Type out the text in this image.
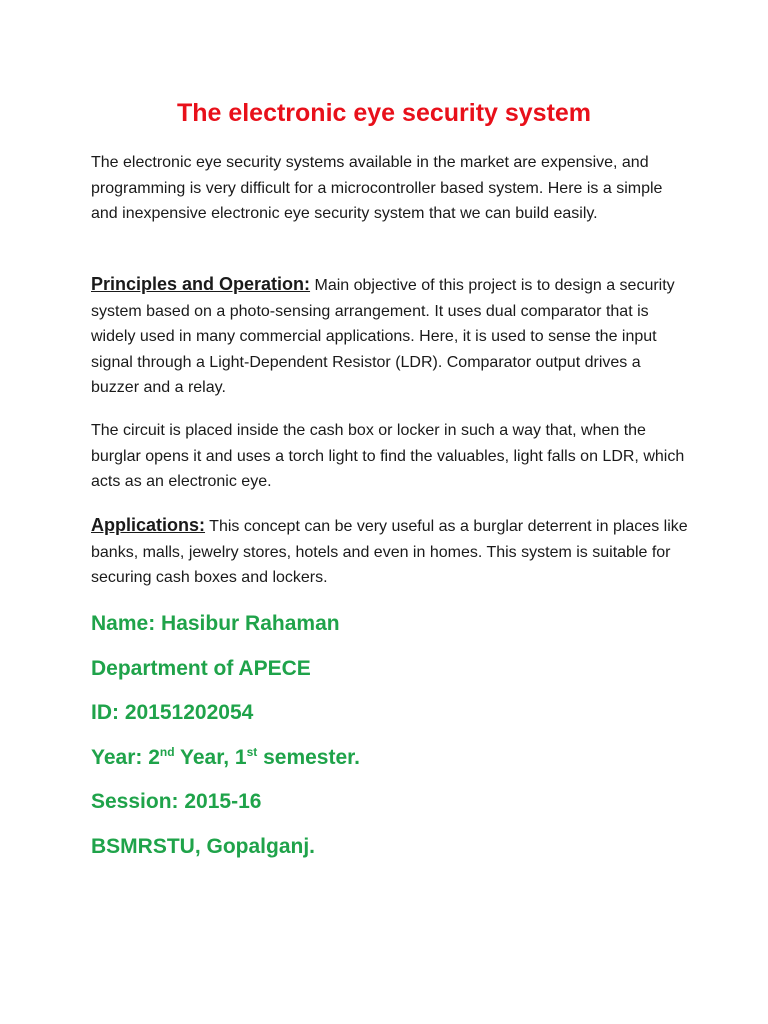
The electronic eye security system

The electronic eye security systems available in the market are expensive, and programming is very difficult for a microcontroller based system. Here is a simple and inexpensive electronic eye security system that we can build easily.

Principles and Operation: Main objective of this project is to design a security system based on a photo-sensing arrangement. It uses dual comparator that is widely used in many commercial applications. Here, it is used to sense the input signal through a Light-Dependent Resistor (LDR). Comparator output drives a buzzer and a relay.

The circuit is placed inside the cash box or locker in such a way that, when the burglar opens it and uses a torch light to find the valuables, light falls on LDR, which acts as an electronic eye.

Applications: This concept can be very useful as a burglar deterrent in places like banks, malls, jewelry stores, hotels and even in homes. This system is suitable for securing cash boxes and lockers.

Name: Hasibur Rahaman

Department of APECE

ID: 20151202054

Year: 2nd Year, 1st semester.

Session: 2015-16

BSMRSTU, Gopalganj.
